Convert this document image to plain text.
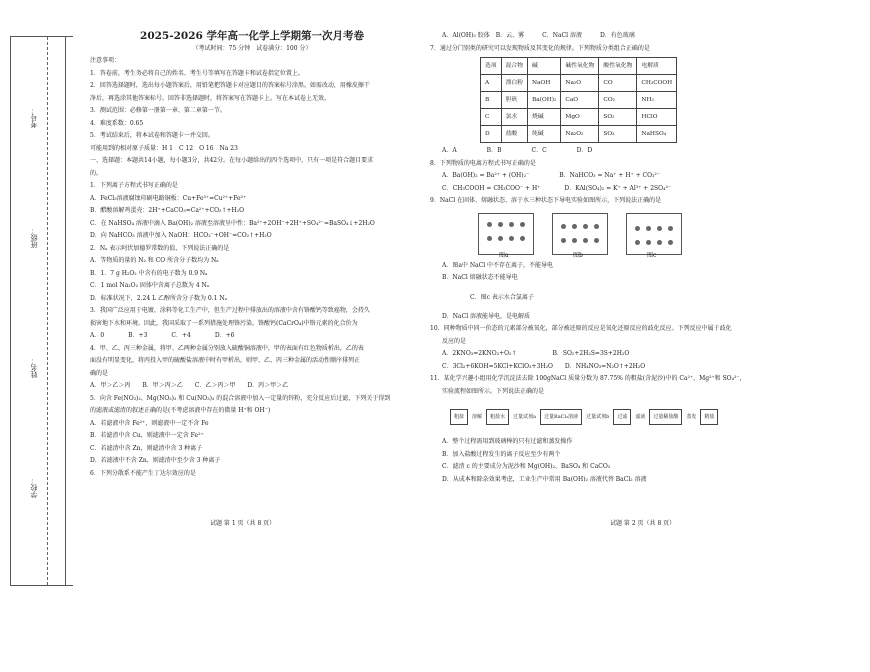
考号：
班级：
姓名：
学校：

2025-2026 学年高一化学上学期第一次月考卷

（考试时间：75 分钟　试卷满分：100 分）

注意事项：

1．答卷前，考生务必将自己的姓名、考生号等填写在答题卡和试卷指定位置上。

2．回答选择题时，选出每小题答案后，用铅笔把答题卡对应题目的答案标号涂黑。如需改动，用橡皮擦干

净后，再选涂其他答案标号。回答非选择题时，将答案写在答题卡上。写在本试卷上无效。

3．测试范围：必修第一册第一章、第二章第一节。

4．难度系数：0.65

5．考试结束后，将本试卷和答题卡一并交回。

可能用到的相对原子质量：H 1　C 12　O 16　Na 23

一、选择题：本题共14小题，每小题3分，共42分。在每小题给出的四个选项中，只有一项是符合题目要求

的。

1．下列离子方程式书写正确的是

A．FeCl₃溶液腐蚀印刷电路铜板：Cu+Fe³⁺=Cu²⁺+Fe²⁺

B．醋酸溶解鸡蛋壳：2H⁺+CaCO₃=Ca²⁺+CO₂↑+H₂O

C．在 NaHSO₄ 溶液中滴入 Ba(OH)₂ 溶液至溶液呈中性：Ba²⁺+2OH⁻+2H⁺+SO₄²⁻=BaSO₄↓+2H₂O

D．向 NaHCO₃ 溶液中加入 NaOH：HCO₃⁻+OH⁻=CO₂↑+H₂O

2．Nₐ 表示阿伏加德罗常数的值，下列说法正确的是

A．等物质的量的 N₂ 和 CO 所含分子数均为 Nₐ

B．1．7 g H₂O₂ 中含有的电子数为 0.9 Nₐ

C．1 mol Na₂O₂ 固体中含离子总数为 4 Nₐ

D．标准状况下，2.24 L 乙醇所含分子数为 0.1 Nₐ

3．我国广泛应用于电镀、涂料等化工生产中，但生产过程中排放出的溶液中含有铬酸钙等致癌物，会持久

损害地下水和环境。因此，我国采取了一系列措施处理铬污染。铬酸钙(CaCrO₄)中铬元素的化合价为

A．0　　　　B．+3　　　　C．+4　　　　D．+6

4．甲、乙、丙三种金属，将甲、乙两种金属分别放入硫酸铜溶液中，甲的表面有红色物质析出，乙的表

面没有明显变化，将丙投入甲的硫酸盐溶液中时有甲析出，则甲、乙、丙三种金属的活动性顺序排列正

确的是

A．甲＞乙＞丙　　B．甲＞丙＞乙　　C．乙＞丙＞甲　　D．丙＞甲＞乙

5．向含 Fe(NO₃)₂、Mg(NO₃)₂ 和 Cu(NO₃)₂ 的混合溶液中加入一定量的锌粉，充分反应后过滤，下列关于得到

的滤液或滤渣的叙述正确的是(不考虑溶液中存在的微量 H⁺和 OH⁻)

A．若滤液中含 Fe²⁺，则滤液中一定不含 Fe

B．若滤渣中含 Cu，则滤液中一定含 Fe²⁺

C．若滤渣中含 Zn，则滤渣中含 3 种离子

D．若滤液中不含 Zn，则滤渣中至少含 3 种离子

6．下列分散系不能产生丁达尔效应的是

试题 第 1 页（共 8 页）

A．Al(OH)₃ 胶体　B．云、雾　　　C．NaCl 溶液　　　D．有色玻璃

7．通过分门别类的研究可以发现物质及其变化的规律。下列物质分类组合正确的是

选项	混合物	碱	碱性氧化物	酸性氧化物	电解质
A	漂白粉	NaOH	Na₂O	CO	CH₃COOH
B	胆矾	Ba(OH)₂	CaO	CO₂	NH₃
C	氯水	烧碱	MgO	SO₂	HClO
D	盐酸	纯碱	Na₂O₂	SO₃	NaHSO₄

A．A　　　　　B．B　　　　　C．C　　　　　D．D

8．下列物质的电离方程式书写正确的是

A．Ba(OH)₂ = Ba²⁺ + (OH)₂⁻　　　　　B．NaHCO₃ = Na⁺ + H⁺ + CO₃²⁻

C．CH₃COOH = CH₃COO⁻ + H⁺　　　　D．KAl(SO₄)₂ = K⁺ + Al³⁺ + 2SO₄²⁻

9．NaCl 在固体、熔融状态、溶于水三种状态下导电实验如图所示，下列说法正确的是

图a	图b	图c

A．图a中 NaCl 中不存在离子，不能导电

B．NaCl 熔融状态不能导电

C．图c 表示水合氯离子

D．NaCl 溶液能导电，是电解质

10．同种物质中同一价态的元素部分被氧化，部分被还原的反应是氧化还原反应的歧化反应。下列反应中属于歧化

反应的是

A．2KNO₃=2KNO₂+O₂↑　　　　　　B．SO₂+2H₂S=3S+2H₂O

C．3Cl₂+6KOH=5KCl+KClO₃+3H₂O　　D．NH₄NO₃=N₂O↑+2H₂O

11．某化学兴趣小组用化学沉淀法去除 100gNaCl 质量分数为 87.75% 的粗盐(含泥沙)中的 Ca²⁺、Mg²⁺和 SO₄²⁻，

实验流程如图所示。下列说法正确的是

粗盐	溶解	粗盐水	过量试剂a	过量BaCl₂溶液	过量试剂b	过滤	滤液	过量稀盐酸	蒸发	精盐

A．整个过程需用到玻璃棒的只有过滤和蒸发操作

B．加入盐酸过程发生的离子反应至少有两个

C．滤渣 c 的主要成分为泥沙和 Mg(OH)₂、BaSO₄ 和 CaCO₃

D．从成本和除杂效果考虑，工业生产中常用 Ba(OH)₂ 溶液代替 BaCl₂ 溶液

试题 第 2 页（共 8 页）
